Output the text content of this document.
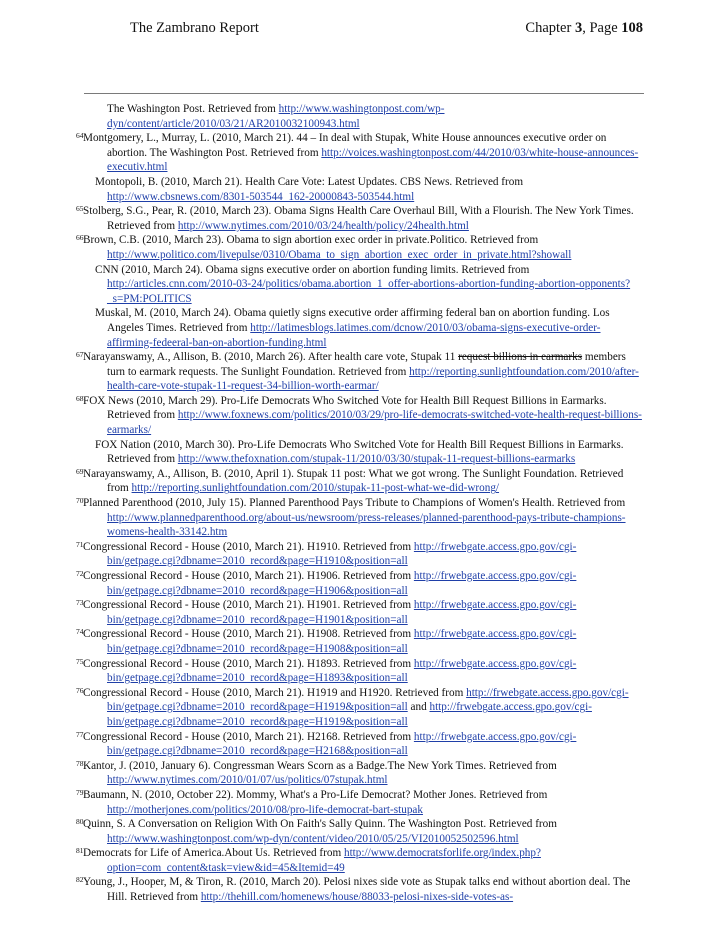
The Zambrano Report	Chapter 3, Page 108
The Washington Post. Retrieved from http://www.washingtonpost.com/wp-dyn/content/article/2010/03/21/AR2010032100943.html
64 Montgomery, L., Murray, L. (2010, March 21). 44 – In deal with Stupak, White House announces executive order on abortion. The Washington Post. Retrieved from http://voices.washingtonpost.com/44/2010/03/white-house-announces-executiv.html
Montopoli, B. (2010, March 21). Health Care Vote: Latest Updates. CBS News. Retrieved from http://www.cbsnews.com/8301-503544_162-20000843-503544.html
65 Stolberg, S.G., Pear, R. (2010, March 23). Obama Signs Health Care Overhaul Bill, With a Flourish. The New York Times. Retrieved from http://www.nytimes.com/2010/03/24/health/policy/24health.html
66 Brown, C.B. (2010, March 23). Obama to sign abortion exec order in private.Politico. Retrieved from http://www.politico.com/livepulse/0310/Obama_to_sign_abortion_exec_order_in_private.html?showall
CNN (2010, March 24). Obama signs executive order on abortion funding limits. Retrieved from http://articles.cnn.com/2010-03-24/politics/obama.abortion_1_offer-abortions-abortion-funding-abortion-opponents?_s=PM:POLITICS
Muskal, M. (2010, March 24). Obama quietly signs executive order affirming federal ban on abortion funding. Los Angeles Times. Retrieved from http://latimesblogs.latimes.com/dcnow/2010/03/obama-signs-executive-order-affirming-fedeeral-ban-on-abortion-funding.html
67 Narayanswamy, A., Allison, B. (2010, March 26). After health care vote, Stupak 11 request billions in earmarks members turn to earmark requests. The Sunlight Foundation. Retrieved from http://reporting.sunlightfoundation.com/2010/after-health-care-vote-stupak-11-request-34-billion-worth-earmar/
68 FOX News (2010, March 29). Pro-Life Democrats Who Switched Vote for Health Bill Request Billions in Earmarks. Retrieved from http://www.foxnews.com/politics/2010/03/29/pro-life-democrats-switched-vote-health-request-billions-earmarks/
FOX Nation (2010, March 30). Pro-Life Democrats Who Switched Vote for Health Bill Request Billions in Earmarks. Retrieved from http://www.thefoxnation.com/stupak-11/2010/03/30/stupak-11-request-billions-earmarks
69 Narayanswamy, A., Allison, B. (2010, April 1). Stupak 11 post: What we got wrong. The Sunlight Foundation. Retrieved from http://reporting.sunlightfoundation.com/2010/stupak-11-post-what-we-did-wrong/
70 Planned Parenthood (2010, July 15). Planned Parenthood Pays Tribute to Champions of Women's Health. Retrieved from http://www.plannedparenthood.org/about-us/newsroom/press-releases/planned-parenthood-pays-tribute-champions-womens-health-33142.htm
71 Congressional Record - House (2010, March 21). H1910. Retrieved from http://frwebgate.access.gpo.gov/cgi-bin/getpage.cgi?dbname=2010_record&page=H1910&position=all
72 Congressional Record - House (2010, March 21). H1906. Retrieved from http://frwebgate.access.gpo.gov/cgi-bin/getpage.cgi?dbname=2010_record&page=H1906&position=all
73 Congressional Record - House (2010, March 21). H1901. Retrieved from http://frwebgate.access.gpo.gov/cgi-bin/getpage.cgi?dbname=2010_record&page=H1901&position=all
74 Congressional Record - House (2010, March 21). H1908. Retrieved from http://frwebgate.access.gpo.gov/cgi-bin/getpage.cgi?dbname=2010_record&page=H1908&position=all
75 Congressional Record - House (2010, March 21). H1893. Retrieved from http://frwebgate.access.gpo.gov/cgi-bin/getpage.cgi?dbname=2010_record&page=H1893&position=all
76 Congressional Record - House (2010, March 21). H1919 and H1920. Retrieved from http://frwebgate.access.gpo.gov/cgi-bin/getpage.cgi?dbname=2010_record&page=H1919&position=all and http://frwebgate.access.gpo.gov/cgi-bin/getpage.cgi?dbname=2010_record&page=H1919&position=all
77 Congressional Record - House (2010, March 21). H2168. Retrieved from http://frwebgate.access.gpo.gov/cgi-bin/getpage.cgi?dbname=2010_record&page=H2168&position=all
78 Kantor, J. (2010, January 6). Congressman Wears Scorn as a Badge.The New York Times. Retrieved from http://www.nytimes.com/2010/01/07/us/politics/07stupak.html
79 Baumann, N. (2010, October 22). Mommy, What's a Pro-Life Democrat? Mother Jones. Retrieved from http://motherjones.com/politics/2010/08/pro-life-democrat-bart-stupak
80 Quinn, S. A Conversation on Religion With On Faith's Sally Quinn. The Washington Post. Retrieved from http://www.washingtonpost.com/wp-dyn/content/video/2010/05/25/VI2010052502596.html
81 Democrats for Life of America.About Us. Retrieved from http://www.democratsforlife.org/index.php?option=com_content&task=view&id=45&Itemid=49
82 Young, J., Hooper, M, & Tiron, R. (2010, March 20). Pelosi nixes side vote as Stupak talks end without abortion deal. The Hill. Retrieved from http://thehill.com/homenews/house/88033-pelosi-nixes-side-votes-as-
